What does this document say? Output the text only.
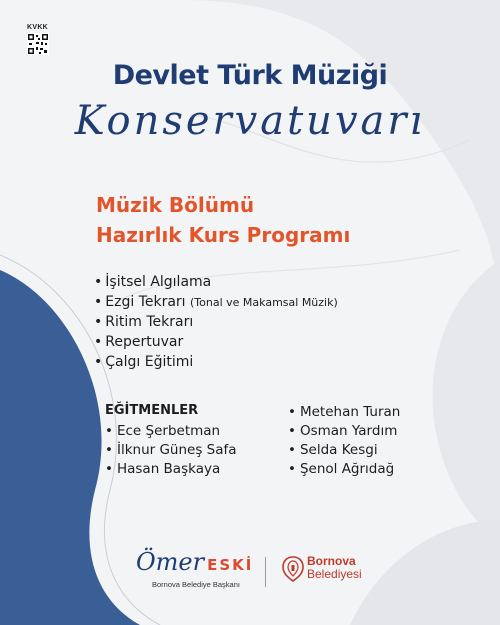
KVKK
Devlet Türk Müziği
Konservatuvarı
Müzik Bölümü
Hazırlık Kurs Programı
• İşitsel Algılama
• Ezgi Tekrarı (Tonal ve Makamsal Müzik)
• Ritim Tekrarı
• Repertuvar
• Çalgı Eğitimi
EĞİTMENLER
• Ece Şerbetman
• İlknur Güneş Safa
• Hasan Başkaya
• Metehan Turan
• Osman Yardım
• Selda Kesgi
• Şenol Ağrıdağ
Ömer ESKİ
Bornova Belediye Başkanı
Bornova
Belediyesi
